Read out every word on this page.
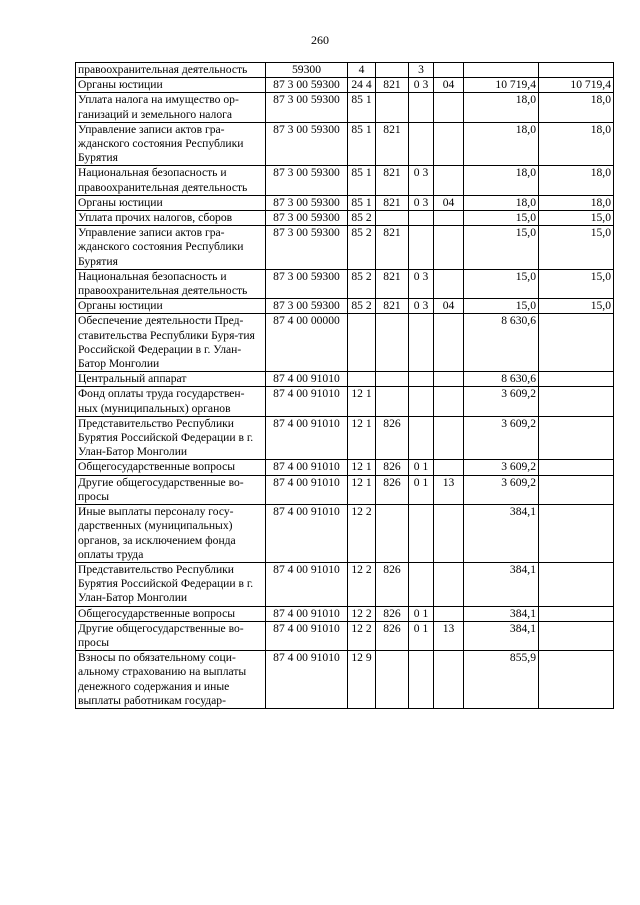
260
правоохранительная деятельность	59300	4		3			
Органы юстиции	87 3 00 59300	24 4	821	0 3	04	10 719,4	10 719,4
Уплата налога на имущество ор-ганизаций и земельного налога	87 3 00 59300	85 1				18,0	18,0
Управление записи актов гра-жданского состояния Республики Бурятия	87 3 00 59300	85 1	821			18,0	18,0
Национальная безопасность и правоохранительная деятельность	87 3 00 59300	85 1	821	0 3		18,0	18,0
Органы юстиции	87 3 00 59300	85 1	821	0 3	04	18,0	18,0
Уплата прочих налогов, сборов	87 3 00 59300	85 2				15,0	15,0
Управление записи актов гра-жданского состояния Республики Бурятия	87 3 00 59300	85 2	821			15,0	15,0
Национальная безопасность и правоохранительная деятельность	87 3 00 59300	85 2	821	0 3		15,0	15,0
Органы юстиции	87 3 00 59300	85 2	821	0 3	04	15,0	15,0
Обеспечение деятельности Пред-ставительства Республики Буря-тия Российской Федерации в г. Улан-Батор Монголии	87 4 00 00000					8 630,6	
Центральный аппарат	87 4 00 91010					8 630,6	
Фонд оплаты труда государствен-ных (муниципальных) органов	87 4 00 91010	12 1				3 609,2	
Представительство Республики Бурятия Российской Федерации в г. Улан-Батор Монголии	87 4 00 91010	12 1	826			3 609,2	
Общегосударственные вопросы	87 4 00 91010	12 1	826	0 1		3 609,2	
Другие общегосударственные во-просы	87 4 00 91010	12 1	826	0 1	13	3 609,2	
Иные выплаты персоналу госу-дарственных (муниципальных) органов, за исключением фонда оплаты труда	87 4 00 91010	12 2				384,1	
Представительство Республики Бурятия Российской Федерации в г. Улан-Батор Монголии	87 4 00 91010	12 2	826			384,1	
Общегосударственные вопросы	87 4 00 91010	12 2	826	0 1		384,1	
Другие общегосударственные во-просы	87 4 00 91010	12 2	826	0 1	13	384,1	
Взносы по обязательному соци-альному страхованию на выплаты денежного содержания и иные выплаты работникам государ-	87 4 00 91010	12 9				855,9	
